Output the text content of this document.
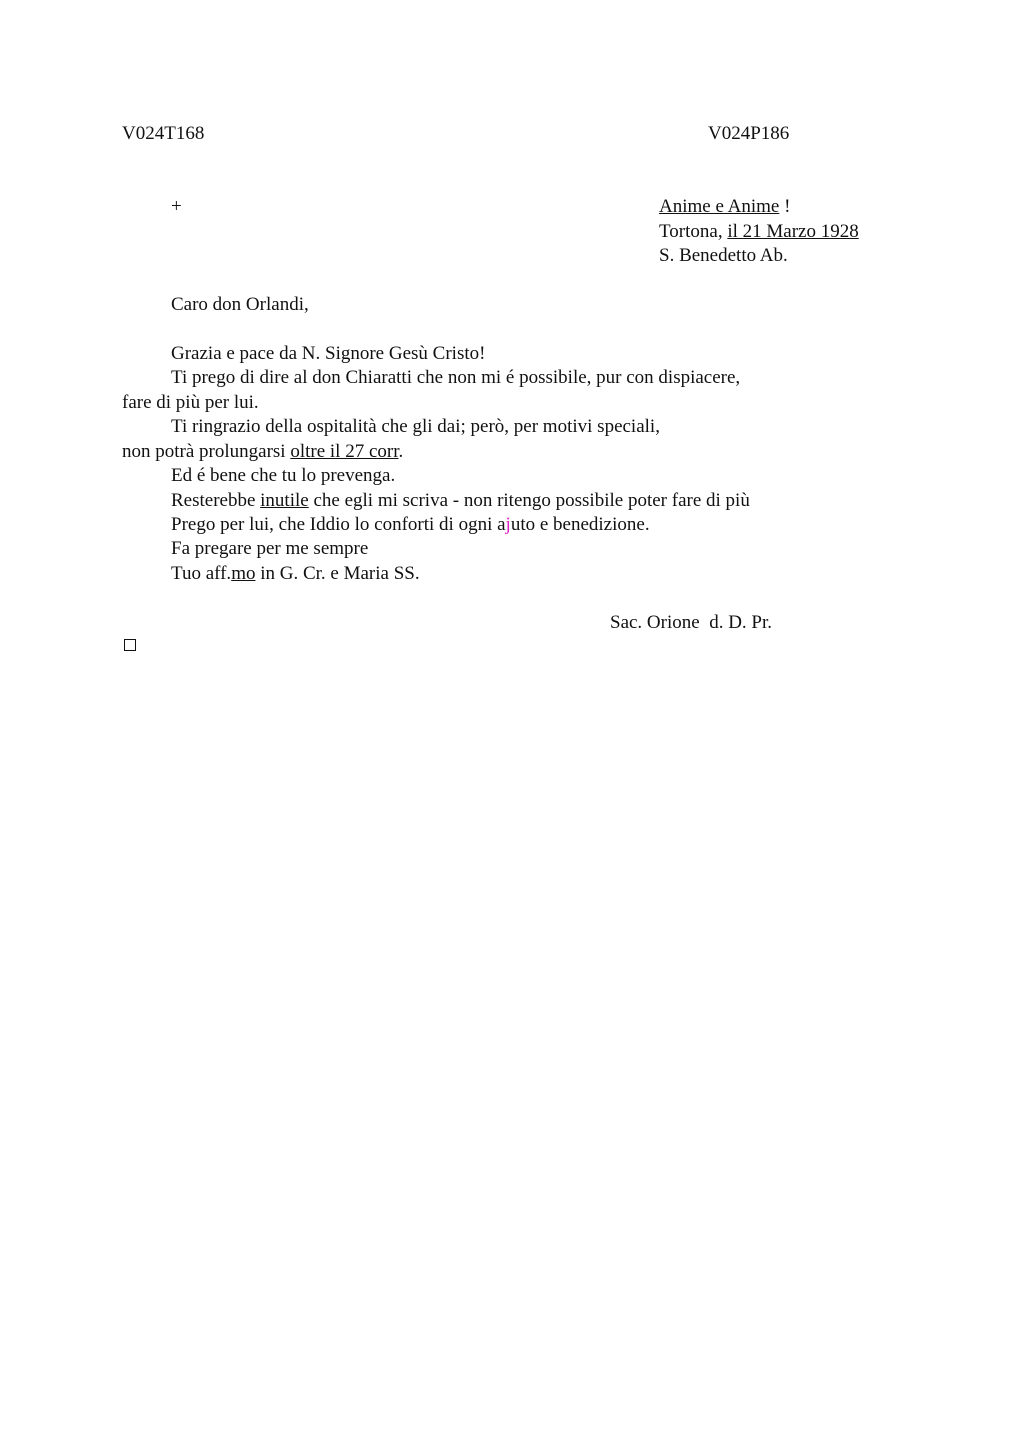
V024T168	V024P186
+	Anime e Anime !
Tortona, il 21 Marzo 1928
S. Benedetto Ab.
Caro don Orlandi,
Grazia e pace da N. Signore Gesù Cristo!
Ti prego di dire al don Chiaratti che non mi é possibile, pur con dispiacere,
fare di più per lui.
Ti ringrazio della ospitalità che gli dai; però, per motivi speciali,
non potrà prolungarsi oltre il 27 corr.
Ed é bene che tu lo prevenga.
Resterebbe inutile che egli mi scriva - non ritengo possibile poter fare di più
Prego per lui, che Iddio lo conforti di ogni ajuto e benedizione.
Fa pregare per me sempre
Tuo aff.mo in G. Cr. e Maria SS.
Sac. Orione  d. D. Pr.
